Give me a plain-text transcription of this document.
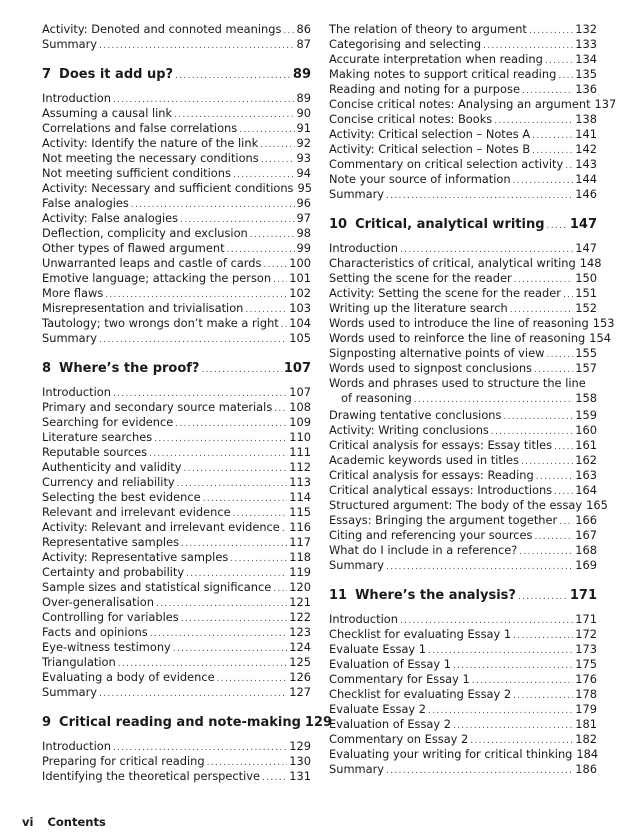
Activity: Denoted and connoted meanings ..... 86
Summary .....	87
7 Does it add up? .....	89
Introduction .....	89
Assuming a causal link .....	90
Correlations and false correlations .....	91
Activity: Identify the nature of the link .....	92
Not meeting the necessary conditions .....	93
Not meeting sufficient conditions .....	94
Activity: Necessary and sufficient conditions 95
False analogies .....	96
Activity: False analogies .....	97
Deflection, complicity and exclusion .....	98
Other types of flawed argument .....	99
Unwarranted leaps and castle of cards ..... 100
Emotive language; attacking the person ..... 101
More flaws .....	102
Misrepresentation and trivialisation .....	103
Tautology; two wrongs don’t make a right ..... 104
Summary .....	105
8 Where’s the proof? .....	107
Introduction .....	107
Primary and secondary source materials ..... 108
Searching for evidence .....	109
Literature searches .....	110
Reputable sources .....	111
Authenticity and validity .....	112
Currency and reliability .....	113
Selecting the best evidence .....	114
Relevant and irrelevant evidence .....	115
Activity: Relevant and irrelevant evidence ..... 116
Representative samples .....	117
Activity: Representative samples .....	118
Certainty and probability .....	119
Sample sizes and statistical significance ..... 120
Over-generalisation .....	121
Controlling for variables .....	122
Facts and opinions .....	123
Eye-witness testimony .....	124
Triangulation .....	125
Evaluating a body of evidence .....	126
Summary .....	127
9 Critical reading and note-making 129
Introduction .....	129
Preparing for critical reading .....	130
Identifying the theoretical perspective .....	131
The relation of theory to argument .....	132
Categorising and selecting .....	133
Accurate interpretation when reading .....	134
Making notes to support critical reading ..... 135
Reading and noting for a purpose .....	136
Concise critical notes: Analysing an argument 137
Concise critical notes: Books .....	138
Activity: Critical selection – Notes A .....	141
Activity: Critical selection – Notes B .....	142
Commentary on critical selection activity ..... 143
Note your source of information .....	144
Summary .....	146
10 Critical, analytical writing ..... 147
Introduction .....	147
Characteristics of critical, analytical writing 148
Setting the scene for the reader .....	150
Activity: Setting the scene for the reader ..... 151
Writing up the literature search .....	152
Words used to introduce the line of reasoning 153
Words used to reinforce the line of reasoning 154
Signposting alternative points of view .....	155
Words used to signpost conclusions .....	157
Words and phrases used to structure the line
of reasoning .....	158
Drawing tentative conclusions .....	159
Activity: Writing conclusions .....	160
Critical analysis for essays: Essay titles ..... 161
Academic keywords used in titles .....	162
Critical analysis for essays: Reading .....	163
Critical analytical essays: Introductions ..... 164
Structured argument: The body of the essay 165
Essays: Bringing the argument together ..... 166
Citing and referencing your sources .....	167
What do I include in a reference? .....	168
Summary .....	169
11 Where’s the analysis? .....	171
Introduction .....	171
Checklist for evaluating Essay 1 .....	172
Evaluate Essay 1 .....	173
Evaluation of Essay 1 .....	175
Commentary for Essay 1 .....	176
Checklist for evaluating Essay 2 .....	178
Evaluate Essay 2 .....	179
Evaluation of Essay 2 .....	181
Commentary on Essay 2 .....	182
Evaluating your writing for critical thinking 184
Summary .....	186
vi Contents
